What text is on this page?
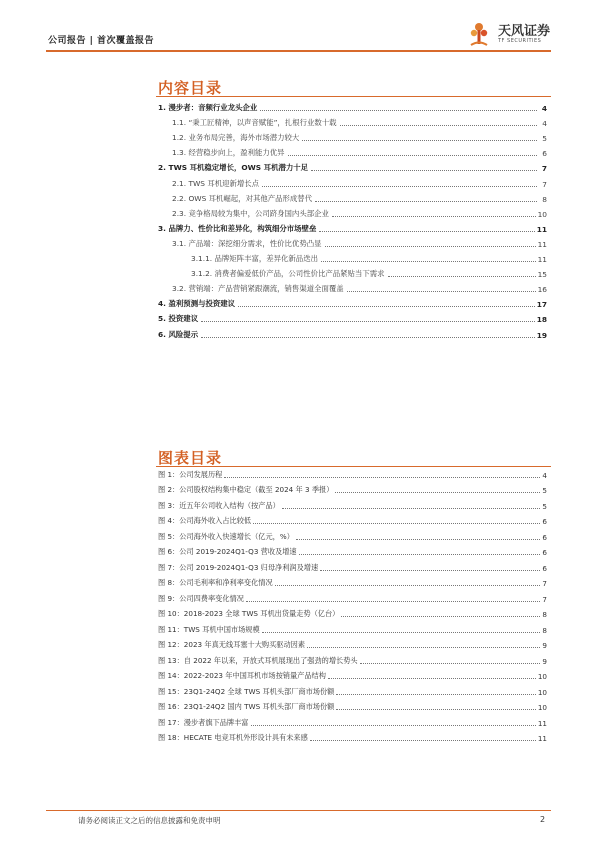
公司报告 | 首次覆盖报告
天风证券
TF SECURITIES
内容目录
1. 漫步者：音频行业龙头企业	4
1.1. “秉工匠精神，以声音赋能”，扎根行业数十载	4
1.2. 业务布局完善，海外市场潜力较大	5
1.3. 经营稳步向上，盈利能力优异	6
2. TWS 耳机稳定增长，OWS 耳机潜力十足	7
2.1. TWS 耳机迎新增长点	7
2.2. OWS 耳机崛起，对其他产品形成替代	8
2.3. 竞争格局较为集中，公司跻身国内头部企业	10
3. 品牌力、性价比和差异化，构筑细分市场壁垒	11
3.1. 产品端：深挖细分需求，性价比优势凸显	11
3.1.1. 品牌矩阵丰富，差异化新品迭出	11
3.1.2. 消费者偏爱低价产品，公司性价比产品紧贴当下需求	15
3.2. 营销端：产品营销紧跟潮流，销售渠道全面覆盖	16
4. 盈利预测与投资建议	17
5. 投资建议	18
6. 风险提示	19
图表目录
图 1：公司发展历程	4
图 2：公司股权结构集中稳定（截至 2024 年 3 季报）	5
图 3：近五年公司收入结构（按产品）	5
图 4：公司海外收入占比较低	6
图 5：公司海外收入快速增长（亿元，%）	6
图 6：公司 2019-2024Q1-Q3 营收及增速	6
图 7：公司 2019-2024Q1-Q3 归母净利润及增速	6
图 8：公司毛利率和净利率变化情况	7
图 9：公司四费率变化情况	7
图 10：2018-2023 全球 TWS 耳机出货量走势（亿台）	8
图 11：TWS 耳机中国市场规模	8
图 12：2023 年真无线耳塞十大购买驱动因素	9
图 13：自 2022 年以来，开放式耳机展现出了强劲的增长势头	9
图 14：2022-2023 年中国耳机市场按销量产品结构	10
图 15：23Q1-24Q2 全球 TWS 耳机头部厂商市场份额	10
图 16：23Q1-24Q2 国内 TWS 耳机头部厂商市场份额	10
图 17：漫步者旗下品牌丰富	11
图 18：HECATE 电竞耳机外形设计具有未来感	11
请务必阅读正文之后的信息披露和免责申明	2
